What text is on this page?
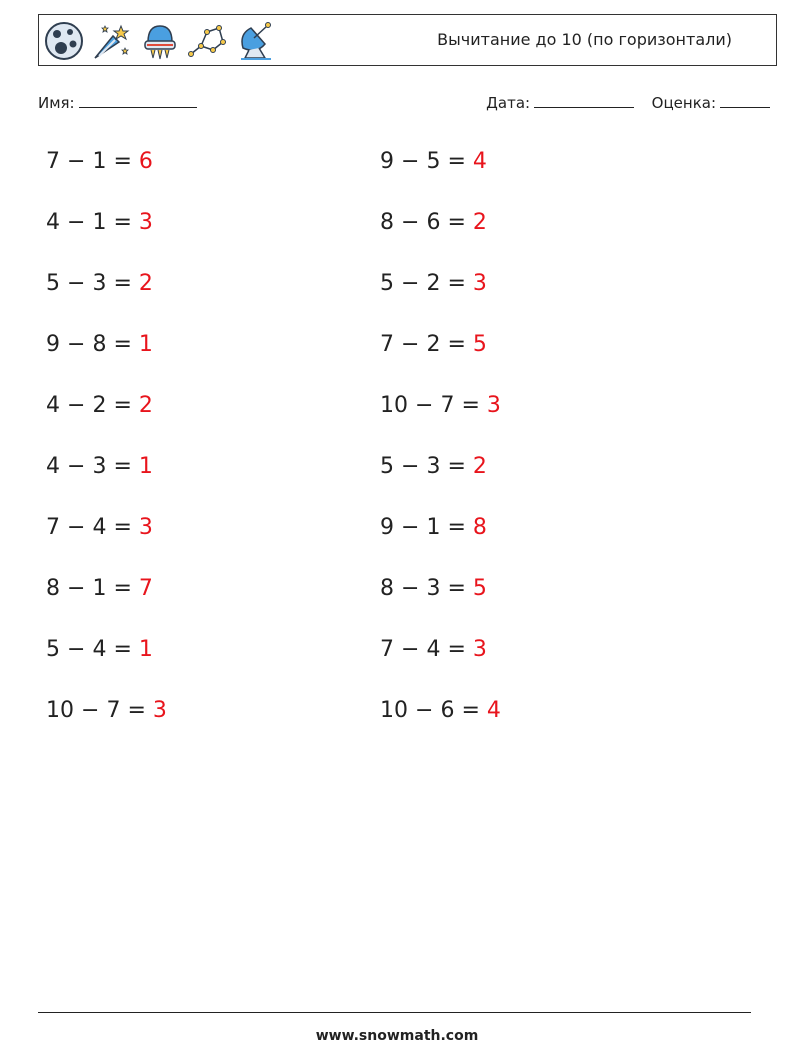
Вычитание до 10 (по горизонтали)
Имя:	Дата:	Оценка:
7 − 1 = 6
4 − 1 = 3
5 − 3 = 2
9 − 8 = 1
4 − 2 = 2
4 − 3 = 1
7 − 4 = 3
8 − 1 = 7
5 − 4 = 1
10 − 7 = 3
9 − 5 = 4
8 − 6 = 2
5 − 2 = 3
7 − 2 = 5
10 − 7 = 3
5 − 3 = 2
9 − 1 = 8
8 − 3 = 5
7 − 4 = 3
10 − 6 = 4
www.snowmath.com
